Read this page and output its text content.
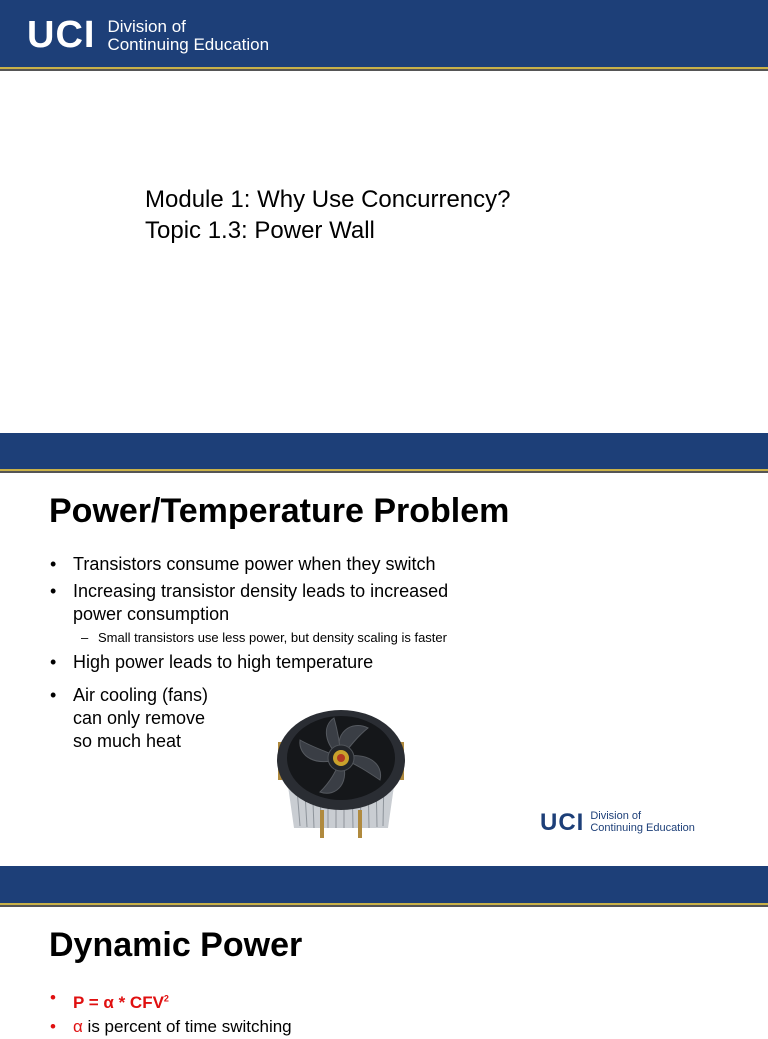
UCI Division of
Continuing Education
Module 1: Why Use Concurrency?
Topic 1.3: Power Wall
Power/Temperature Problem
• Transistors consume power when they switch
• Increasing transistor density leads to increased power consumption
– Small transistors use less power, but density scaling is faster
• High power leads to high temperature
• Air cooling (fans) can only remove so much heat
UCI Division of
Continuing Education
Dynamic Power
• P = α * CFV$^2$
• α is percent of time switching
